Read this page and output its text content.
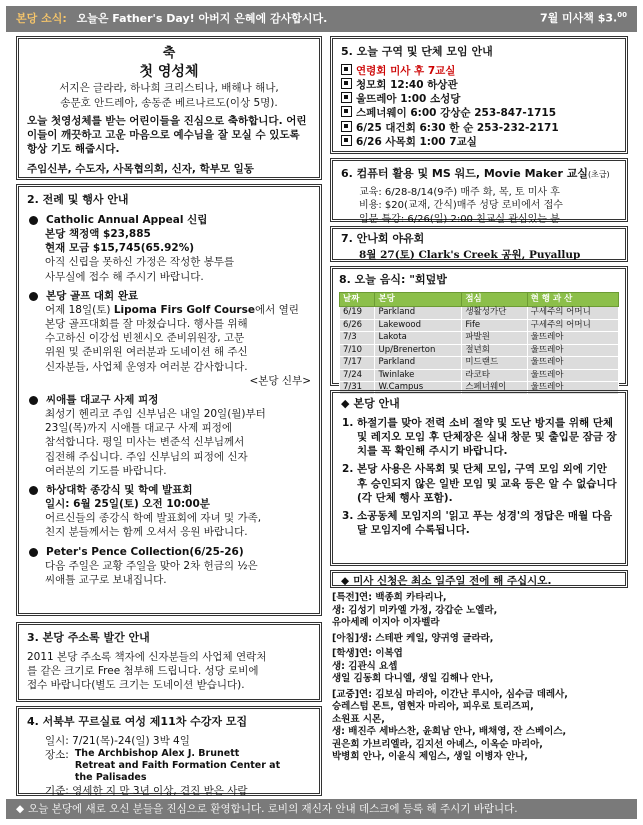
본당 소식: 오늘은 Father's Day! 아버지 은혜에 감사합시다.	7월 미사책 $3.00
축
첫 영성체
서지은 글라라, 하나희 크리스티나, 배해나 해나,
송문호 안드레아, 송동준 베르나르도(이상 5명).
오늘 첫영성체를 받는 어린이들을 진심으로 축하합니다. 어린이들이 깨끗하고 고운 마음으로 예수님을 잘 모실 수 있도록 항상 기도 해줍시다.
주임신부, 수도자, 사목협의회, 신자, 학부모 일동
2. 전례 및 행사 안내
Catholic Annual Appeal 신립
본당 책정액 $23,885
현재 모금 $15,745(65.92%)
아직 신립을 못하신 가정은 작성한 봉투를
사무실에 접수 해 주시기 바랍니다.
본당 골프 대회 완료
어제 18일(토) Lipoma Firs Golf Course에서 열린
본당 골프대회를 잘 마쳤습니다. 행사를 위해
수고하신 이강섭 빈첸시오 준비위원장, 고문
위원 및 준비위원 여러분과 도네이션 해 주신
신자분들, 사업체 운영자 여러분 감사합니다.
<본당 신부>
씨애틀 대교구 사제 피정
최성기 헨리코 주임 신부님은 내일 20일(월)부터
23일(목)까지 시애틀 대교구 사제 피정에
참석합니다. 평일 미사는 변준석 신부님께서
집전해 주십니다. 주임 신부님의 피정에 신자
여러분의 기도를 바랍니다.
하상대학 종강식 및 학예 발표회
일시: 6월 25일(토) 오전 10:00분
어르신들의 종강식 학예 발표회에 자녀 및 가족,
친지 분들께서는 함께 오셔서 응원 바랍니다.
Peter's Pence Collection(6/25-26)
다음 주일은 교황 주일을 맞아 2차 헌금의 ½은
씨애틀 교구로 보내집니다.
3. 본당 주소록 발간 안내
2011 본당 주소록 책자에 신자분들의 사업체 연락처
를 같은 크기로 Free 첨부해 드립니다. 성당 로비에
접수 바랍니다(별도 크기는 도네이션 받습니다).
4. 서북부 꾸르실료 여성 제11차 수강자 모집
일시: 7/21(목)-24(일) 3박 4일
장소: The Archbishop Alex J. Brunett
Retreat and Faith Formation Center at
the Palisades
기준: 영세한 지 만 3년 이상, 견진 받은 사람
5. 오늘 구역 및 단체 모임 안내
연령회 미사 후 7교실
청모회 12:40 하상관
울뜨레아 1:00 소성당
스페너웨이 6:00 강상순 253-847-1715
6/25 대건회 6:30 한 순 253-232-2171
6/26 사목회 1:00 7교실
6. 컴퓨터 활용 및 MS 워드, Movie Maker 교실(초급)
교육: 6/28-8/14(9주) 매주 화, 목, 토 미사 후
비용: $20(교재, 간식)매주 성당 로비에서 접수
입문 특강: 6/26(일) 2:00 친교실 관심있는 분
7. 안나회 야유회
8월 27(토) Clark's Creek 공원, Puyallup
8. 오늘 음식: "회덮밥
날짜	본당	점심	현 행 과 산
6/19	Parkland	생활성가단	구세주의 어머니
6/26	Lakewood	Fife	구세주의 어머니
7/3	Lakota	파발원	울뜨레아
7/10	Up/Brenerton	절년회	울뜨레아
7/17	Parkland	미드랜드	울뜨레아
7/24	Twinlake	라코타	울뜨레아
7/31	W.Campus	스페너웨이	울뜨레아
◆ 본당 안내
1. 하절기를 맞아 전력 소비 절약 및 도난 방지를 위해 단체 및 레지오 모임 후 단체장은 실내 창문 및 출입문 잠금 장치를 꼭 확인해 주시기 바랍니다.
2. 본당 사용은 사목회 및 단체 모임, 구역 모임 외에 기안 후 승인되지 않은 일반 모임 및 교육 등은 알 수 없습니다(각 단체 행사 포함).
3. 소공동체 모임지의 '읽고 푸는 성경'의 정답은 매월 다음달 모임지에 수록됩니다.
◆ 미사 신청은 최소 일주일 전에 해 주십시오.
[특전]연: 백종희 카타리나,
생: 김성기 미카엘 가정, 강갑순 노엘라,
유아세례 이지아 이자벨라
[아침]생: 스테판 케일, 양귀영 글라라,
[학생]연: 이복엽
생: 김관식 요셉
생일 김동희 다니엘, 생일 김해나 안나,
[교중]연: 김보심 마리아, 이간난 루시아, 심수금 데레사,
승레스텀 몬트, 염현자 마리아, 피우로 토리즈피,
소원표 시몬,
생: 배진주 세바스찬, 윤희남 안나, 배채영, 잔 스베이스,
권은희 가브리엘라, 김지선 아녜스, 이옥순 마리아,
박병희 안나, 이윤식 제임스, 생일 이병자 안나,
◆ 오늘 본당에 새로 오신 분들을 진심으로 환영합니다. 로비의 재신자 안내 데스크에 등록 해 주시기 바랍니다.
